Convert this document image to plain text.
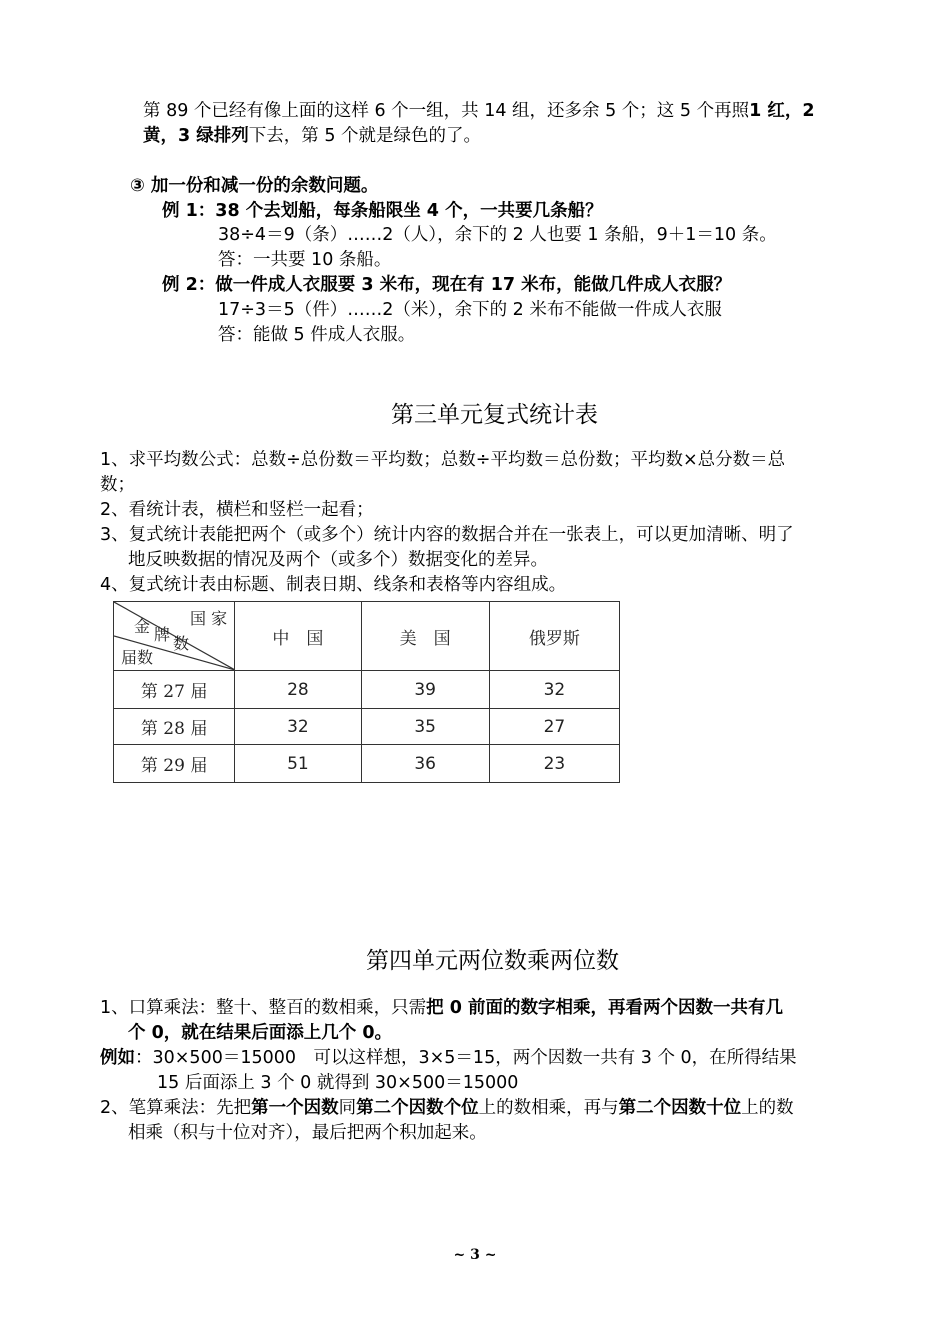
第 89 个已经有像上面的这样 6 个一组，共 14 组，还多余 5 个；这 5 个再照1 红，2
黄，3 绿排列下去，第 5 个就是绿色的了。
③ 加一份和减一份的余数问题。
例 1：38 个去划船，每条船限坐 4 个，一共要几条船？
38÷4＝9（条）……2（人），余下的 2 人也要 1 条船，9＋1＝10 条。
答：一共要 10 条船。
例 2：做一件成人衣服要 3 米布，现在有 17 米布，能做几件成人衣服？
17÷3＝5（件）……2（米），余下的 2 米布不能做一件成人衣服
答：能做 5 件成人衣服。
第三单元复式统计表
1、求平均数公式：总数÷总份数＝平均数；总数÷平均数＝总份数；平均数×总分数＝总
数；
2、看统计表，横栏和竖栏一起看；
3、复式统计表能把两个（或多个）统计内容的数据合并在一张表上，可以更加清晰、明了
地反映数据的情况及两个（或多个）数据变化的差异。
4、复式统计表由标题、制表日期、线条和表格等内容组成。
国 家
金 牌 数
届数	中　国	美　国	俄罗斯
第 27 届	28	39	32
第 28 届	32	35	27
第 29 届	51	36	23
第四单元两位数乘两位数
1、口算乘法：整十、整百的数相乘，只需把 0 前面的数字相乘，再看两个因数一共有几
个 0，就在结果后面添上几个 0。
例如：30×500＝15000　可以这样想，3×5＝15，两个因数一共有 3 个 0，在所得结果
15 后面添上 3 个 0 就得到 30×500＝15000
2、笔算乘法：先把第一个因数同第二个因数个位上的数相乘，再与第二个因数十位上的数
相乘（积与十位对齐），最后把两个积加起来。
~ 3 ~
